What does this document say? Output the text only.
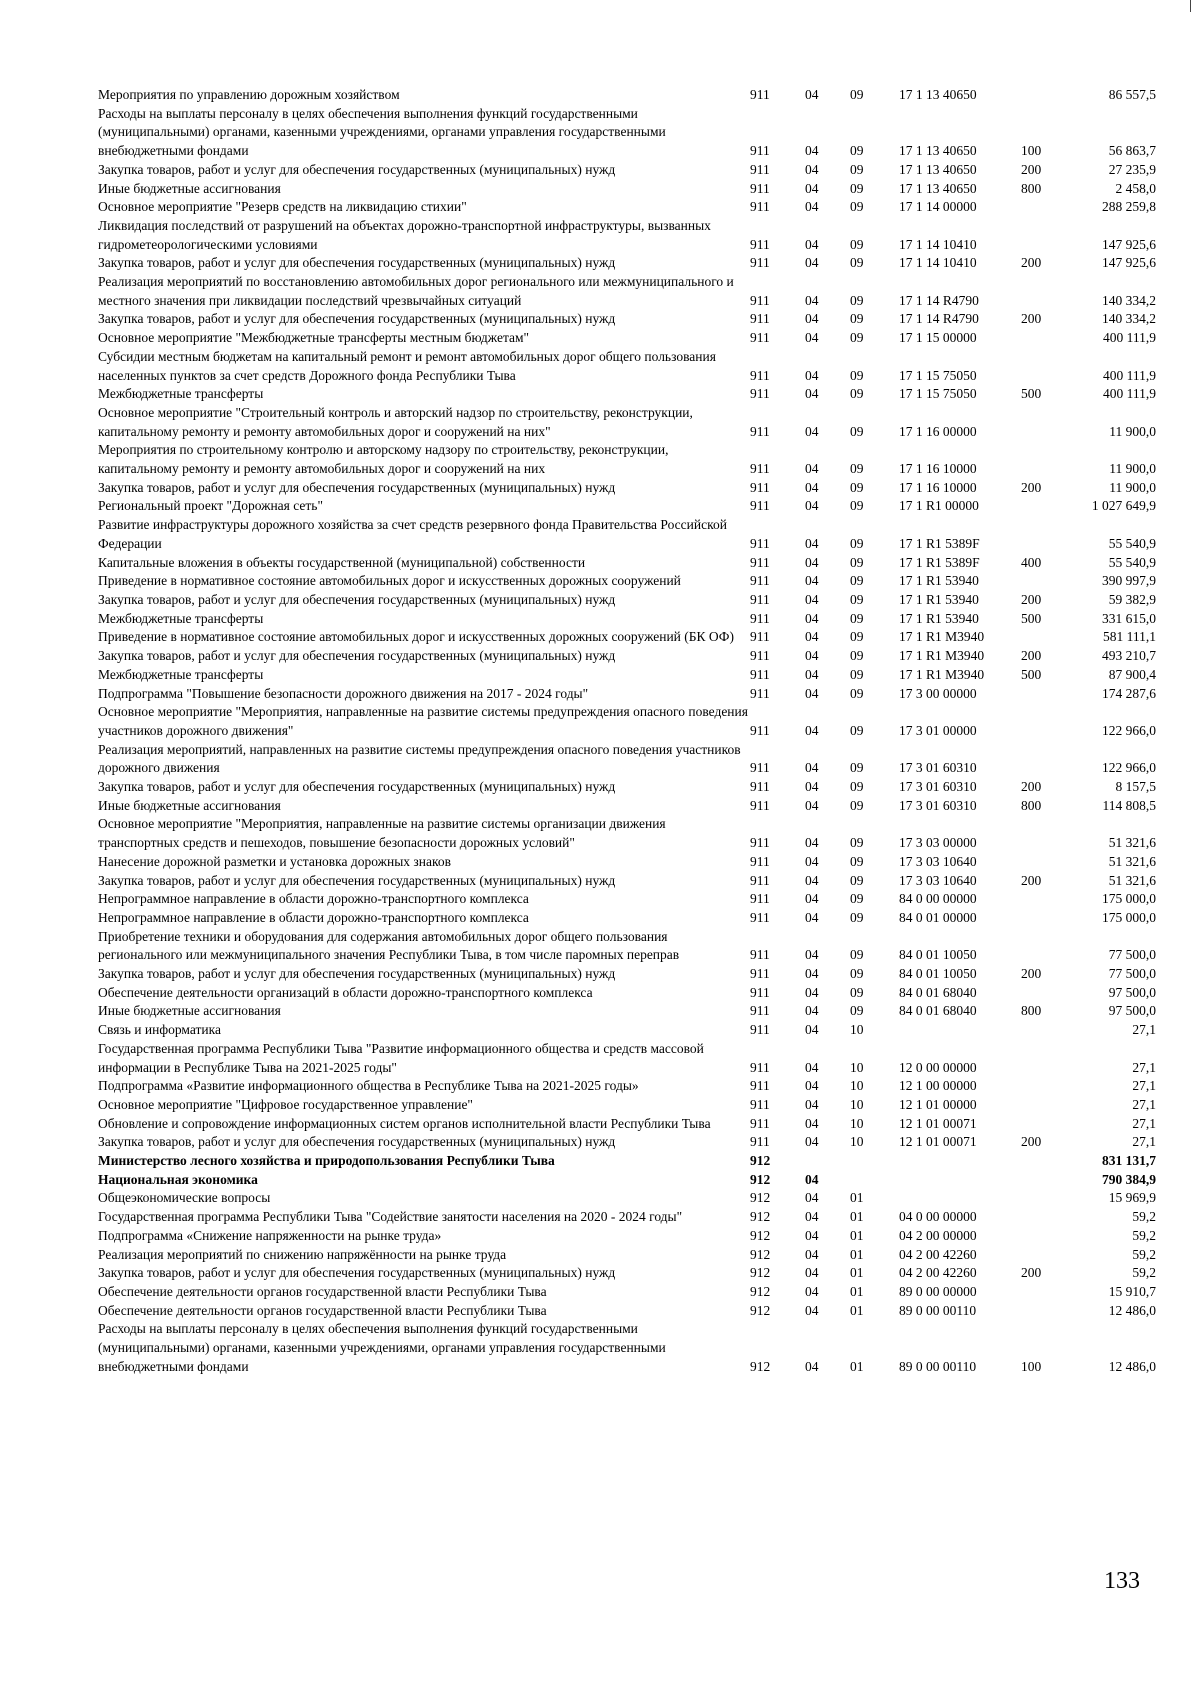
Мероприятия по управлению дорожным хозяйством	911	04	09	17 1 13 40650		86 557,5
Расходы на выплаты персоналу в целях обеспечения выполнения функций государственными (муниципальными) органами, казенными учреждениями, органами управления государственными внебюджетными фондами	911	04	09	17 1 13 40650	100	56 863,7
Закупка товаров, работ и услуг для обеспечения государственных (муниципальных) нужд	911	04	09	17 1 13 40650	200	27 235,9
Иные бюджетные ассигнования	911	04	09	17 1 13 40650	800	2 458,0
Основное мероприятие "Резерв средств на ликвидацию стихии"	911	04	09	17 1 14 00000		288 259,8
Ликвидация последствий от разрушений на объектах дорожно-транспортной инфраструктуры, вызванных гидрометеорологическими условиями	911	04	09	17 1 14 10410		147 925,6
Закупка товаров, работ и услуг для обеспечения государственных (муниципальных) нужд	911	04	09	17 1 14 10410	200	147 925,6
Реализация мероприятий по восстановлению автомобильных дорог регионального или межмуниципального и местного значения при ликвидации последствий чрезвычайных ситуаций	911	04	09	17 1 14 R4790		140 334,2
Закупка товаров, работ и услуг для обеспечения государственных (муниципальных) нужд	911	04	09	17 1 14 R4790	200	140 334,2
Основное мероприятие "Межбюджетные трансферты местным бюджетам"	911	04	09	17 1 15 00000		400 111,9
Субсидии местным бюджетам на капитальный ремонт и ремонт автомобильных дорог общего пользования населенных пунктов за счет средств Дорожного фонда Республики Тыва	911	04	09	17 1 15 75050		400 111,9
Межбюджетные трансферты	911	04	09	17 1 15 75050	500	400 111,9
Основное мероприятие "Строительный контроль и авторский надзор по строительству, реконструкции, капитальному ремонту и ремонту автомобильных дорог и сооружений на них"	911	04	09	17 1 16 00000		11 900,0
Мероприятия по строительному контролю и авторскому надзору по строительству, реконструкции, капитальному ремонту и ремонту автомобильных дорог и сооружений на них	911	04	09	17 1 16 10000		11 900,0
Закупка товаров, работ и услуг для обеспечения государственных (муниципальных) нужд	911	04	09	17 1 16 10000	200	11 900,0
Региональный проект "Дорожная сеть"	911	04	09	17 1 R1 00000		1 027 649,9
Развитие инфраструктуры дорожного хозяйства за счет средств резервного фонда Правительства Российской Федерации	911	04	09	17 1 R1 5389F		55 540,9
Капитальные вложения в объекты государственной (муниципальной) собственности	911	04	09	17 1 R1 5389F	400	55 540,9
Приведение в нормативное состояние автомобильных дорог и искусственных дорожных сооружений	911	04	09	17 1 R1 53940		390 997,9
Закупка товаров, работ и услуг для обеспечения государственных (муниципальных) нужд	911	04	09	17 1 R1 53940	200	59 382,9
Межбюджетные трансферты	911	04	09	17 1 R1 53940	500	331 615,0
Приведение в нормативное состояние автомобильных дорог и искусственных дорожных сооружений (БК ОФ)	911	04	09	17 1 R1 M3940		581 111,1
Закупка товаров, работ и услуг для обеспечения государственных (муниципальных) нужд	911	04	09	17 1 R1 M3940	200	493 210,7
Межбюджетные трансферты	911	04	09	17 1 R1 M3940	500	87 900,4
Подпрограмма "Повышение безопасности дорожного движения на 2017 - 2024 годы"	911	04	09	17 3 00 00000		174 287,6
Основное мероприятие "Мероприятия, направленные на развитие системы предупреждения опасного поведения участников дорожного движения"	911	04	09	17 3 01 00000		122 966,0
Реализация мероприятий, направленных на развитие системы предупреждения опасного поведения участников дорожного движения	911	04	09	17 3 01 60310		122 966,0
Закупка товаров, работ и услуг для обеспечения государственных (муниципальных) нужд	911	04	09	17 3 01 60310	200	8 157,5
Иные бюджетные ассигнования	911	04	09	17 3 01 60310	800	114 808,5
Основное мероприятие "Мероприятия, направленные на развитие системы организации движения транспортных средств и пешеходов, повышение безопасности дорожных условий"	911	04	09	17 3 03 00000		51 321,6
Нанесение дорожной разметки и установка дорожных знаков	911	04	09	17 3 03 10640		51 321,6
Закупка товаров, работ и услуг для обеспечения государственных (муниципальных) нужд	911	04	09	17 3 03 10640	200	51 321,6
Непрограммное направление в области дорожно-транспортного комплекса	911	04	09	84 0 00 00000		175 000,0
Непрограммное направление в области дорожно-транспортного комплекса	911	04	09	84 0 01 00000		175 000,0
Приобретение техники и оборудования для содержания автомобильных дорог общего пользования регионального или межмуниципального значения Республики Тыва, в том числе паромных переправ	911	04	09	84 0 01 10050		77 500,0
Закупка товаров, работ и услуг для обеспечения государственных (муниципальных) нужд	911	04	09	84 0 01 10050	200	77 500,0
Обеспечение деятельности организаций в области дорожно-транспортного комплекса	911	04	09	84 0 01 68040		97 500,0
Иные бюджетные ассигнования	911	04	09	84 0 01 68040	800	97 500,0
Связь и информатика	911	04	10			27,1
Государственная программа Республики Тыва "Развитие информационного общества и средств массовой информации в Республике Тыва на 2021-2025 годы"	911	04	10	12 0 00 00000		27,1
Подпрограмма «Развитие информационного общества в Республике Тыва на 2021-2025 годы»	911	04	10	12 1 00 00000		27,1
Основное мероприятие "Цифровое государственное управление"	911	04	10	12 1 01 00000		27,1
Обновление и сопровождение информационных систем органов исполнительной власти Республики Тыва	911	04	10	12 1 01 00071		27,1
Закупка товаров, работ и услуг для обеспечения государственных (муниципальных) нужд	911	04	10	12 1 01 00071	200	27,1
Министерство лесного хозяйства и природопользования Республики Тыва	912					831 131,7
Национальная экономика	912	04				790 384,9
Общеэкономические вопросы	912	04	01			15 969,9
Государственная программа Республики Тыва "Содействие занятости населения на 2020 - 2024 годы"	912	04	01	04 0 00 00000		59,2
Подпрограмма «Снижение напряженности на рынке труда»	912	04	01	04 2 00 00000		59,2
Реализация мероприятий по снижению напряжённости на рынке труда	912	04	01	04 2 00 42260		59,2
Закупка товаров, работ и услуг для обеспечения государственных (муниципальных) нужд	912	04	01	04 2 00 42260	200	59,2
Обеспечение деятельности органов государственной власти Республики Тыва	912	04	01	89 0 00 00000		15 910,7
Обеспечение деятельности органов государственной власти Республики Тыва	912	04	01	89 0 00 00110		12 486,0
Расходы на выплаты персоналу в целях обеспечения выполнения функций государственными (муниципальными) органами, казенными учреждениями, органами управления государственными внебюджетными фондами	912	04	01	89 0 00 00110	100	12 486,0
133
